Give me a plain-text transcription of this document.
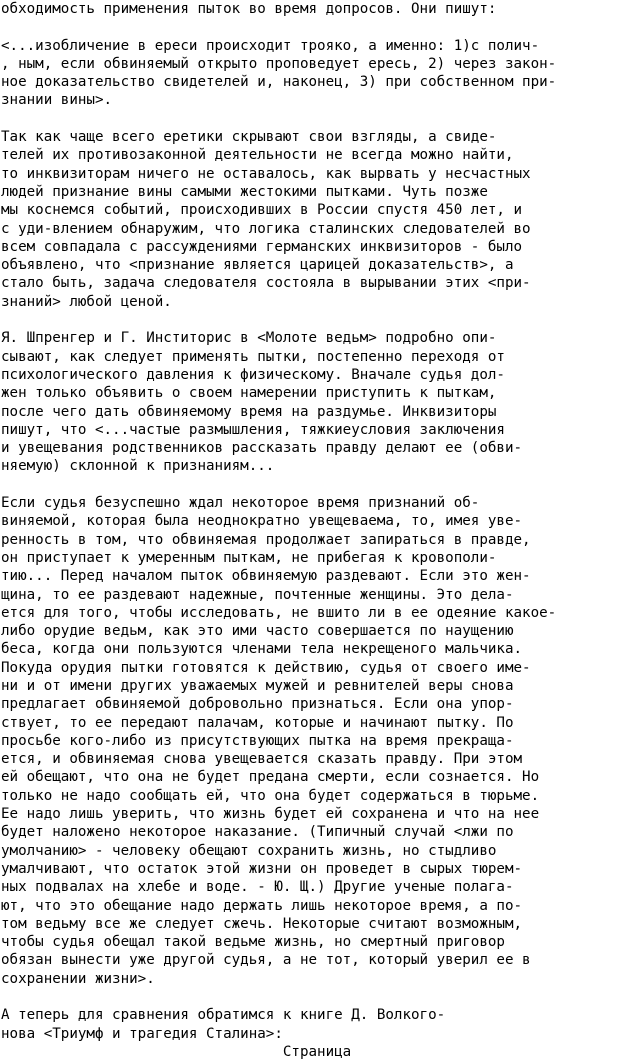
обходимость применения пыток во время допросов. Они пишут:

<...изобличение в ереси происходит трояко, а именно: 1)с полич-
, ным, если обвиняемый открыто проповедует ересь, 2) через закон-
ное доказательство свидетелей и, наконец, 3) при собственном при-
знании вины>.

Так как чаще всего еретики скрывают свои взгляды, а свиде-
телей их противозаконной деятельности не всегда можно найти,
то инквизиторам ничего не оставалось, как вырвать у несчастных
людей признание вины самыми жестокими пытками. Чуть позже
мы коснемся событий, происходивших в России спустя 450 лет, и
с уди-влением обнаружим, что логика сталинских следователей во
всем совпадала с рассуждениями германских инквизиторов - было
объявлено, что <признание является царицей доказательств>, а
стало быть, задача следователя состояла в вырывании этих <при-
знаний> любой ценой.

Я. Шпренгер и Г. Инститорис в <Молоте ведьм> подробно опи-
сывают, как следует применять пытки, постепенно переходя от
психологического давления к физическому. Вначале судья дол-
жен только объявить о своем намерении приступить к пыткам,
после чего дать обвиняемому время на раздумье. Инквизиторы
пишут, что <...частые размышления, тяжкиеусловия заключения
и увещевания родственников рассказать правду делают ее (обви-
няемую) склонной к признаниям...

Если судья безуспешно ждал некоторое время признаний об-
виняемой, которая была неоднократно увещеваема, то, имея уве-
ренность в том, что обвиняемая продолжает запираться в правде,
он приступает к умеренным пыткам, не прибегая к кровополи-
тию... Перед началом пыток обвиняемую раздевают. Если это жен-
щина, то ее раздевают надежные, почтенные женщины. Это дела-
ется для того, чтобы исследовать, не вшито ли в ее одеяние какое-
либо орудие ведьм, как это ими часто совершается по наущению
беса, когда они пользуются членами тела некрещеного мальчика.
Покуда орудия пытки готовятся к действию, судья от своего име-
ни и от имени других уважаемых мужей и ревнителей веры снова
предлагает обвиняемой добровольно признаться. Если она упор-
ствует, то ее передают палачам, которые и начинают пытку. По
просьбе кого-либо из присутствующих пытка на время прекраща-
ется, и обвиняемая снова увещевается сказать правду. При этом
ей обещают, что она не будет предана смерти, если сознается. Но
только не надо сообщать ей, что она будет содержаться в тюрьме.
Ее надо лишь уверить, что жизнь будет ей сохранена и что на нее
будет наложено некоторое наказание. (Типичный случай <лжи по
умолчанию> - человеку обещают сохранить жизнь, но стыдливо
умалчивают, что остаток этой жизни он проведет в сырых тюрем-
ных подвалах на хлебе и воде. - Ю. Щ.) Другие ученые полага-
ют, что это обещание надо держать лишь некоторое время, а по-
том ведьму все же следует сжечь. Некоторые считают возможным,
чтобы судья обещал такой ведьме жизнь, но смертный приговор
обязан вынести уже другой судья, а не тот, который уверил ее в
сохранении жизни>.

А теперь для сравнения обратимся к книге Д. Волкого-
нова <Триумф и трагедия Сталина>:
Страница
